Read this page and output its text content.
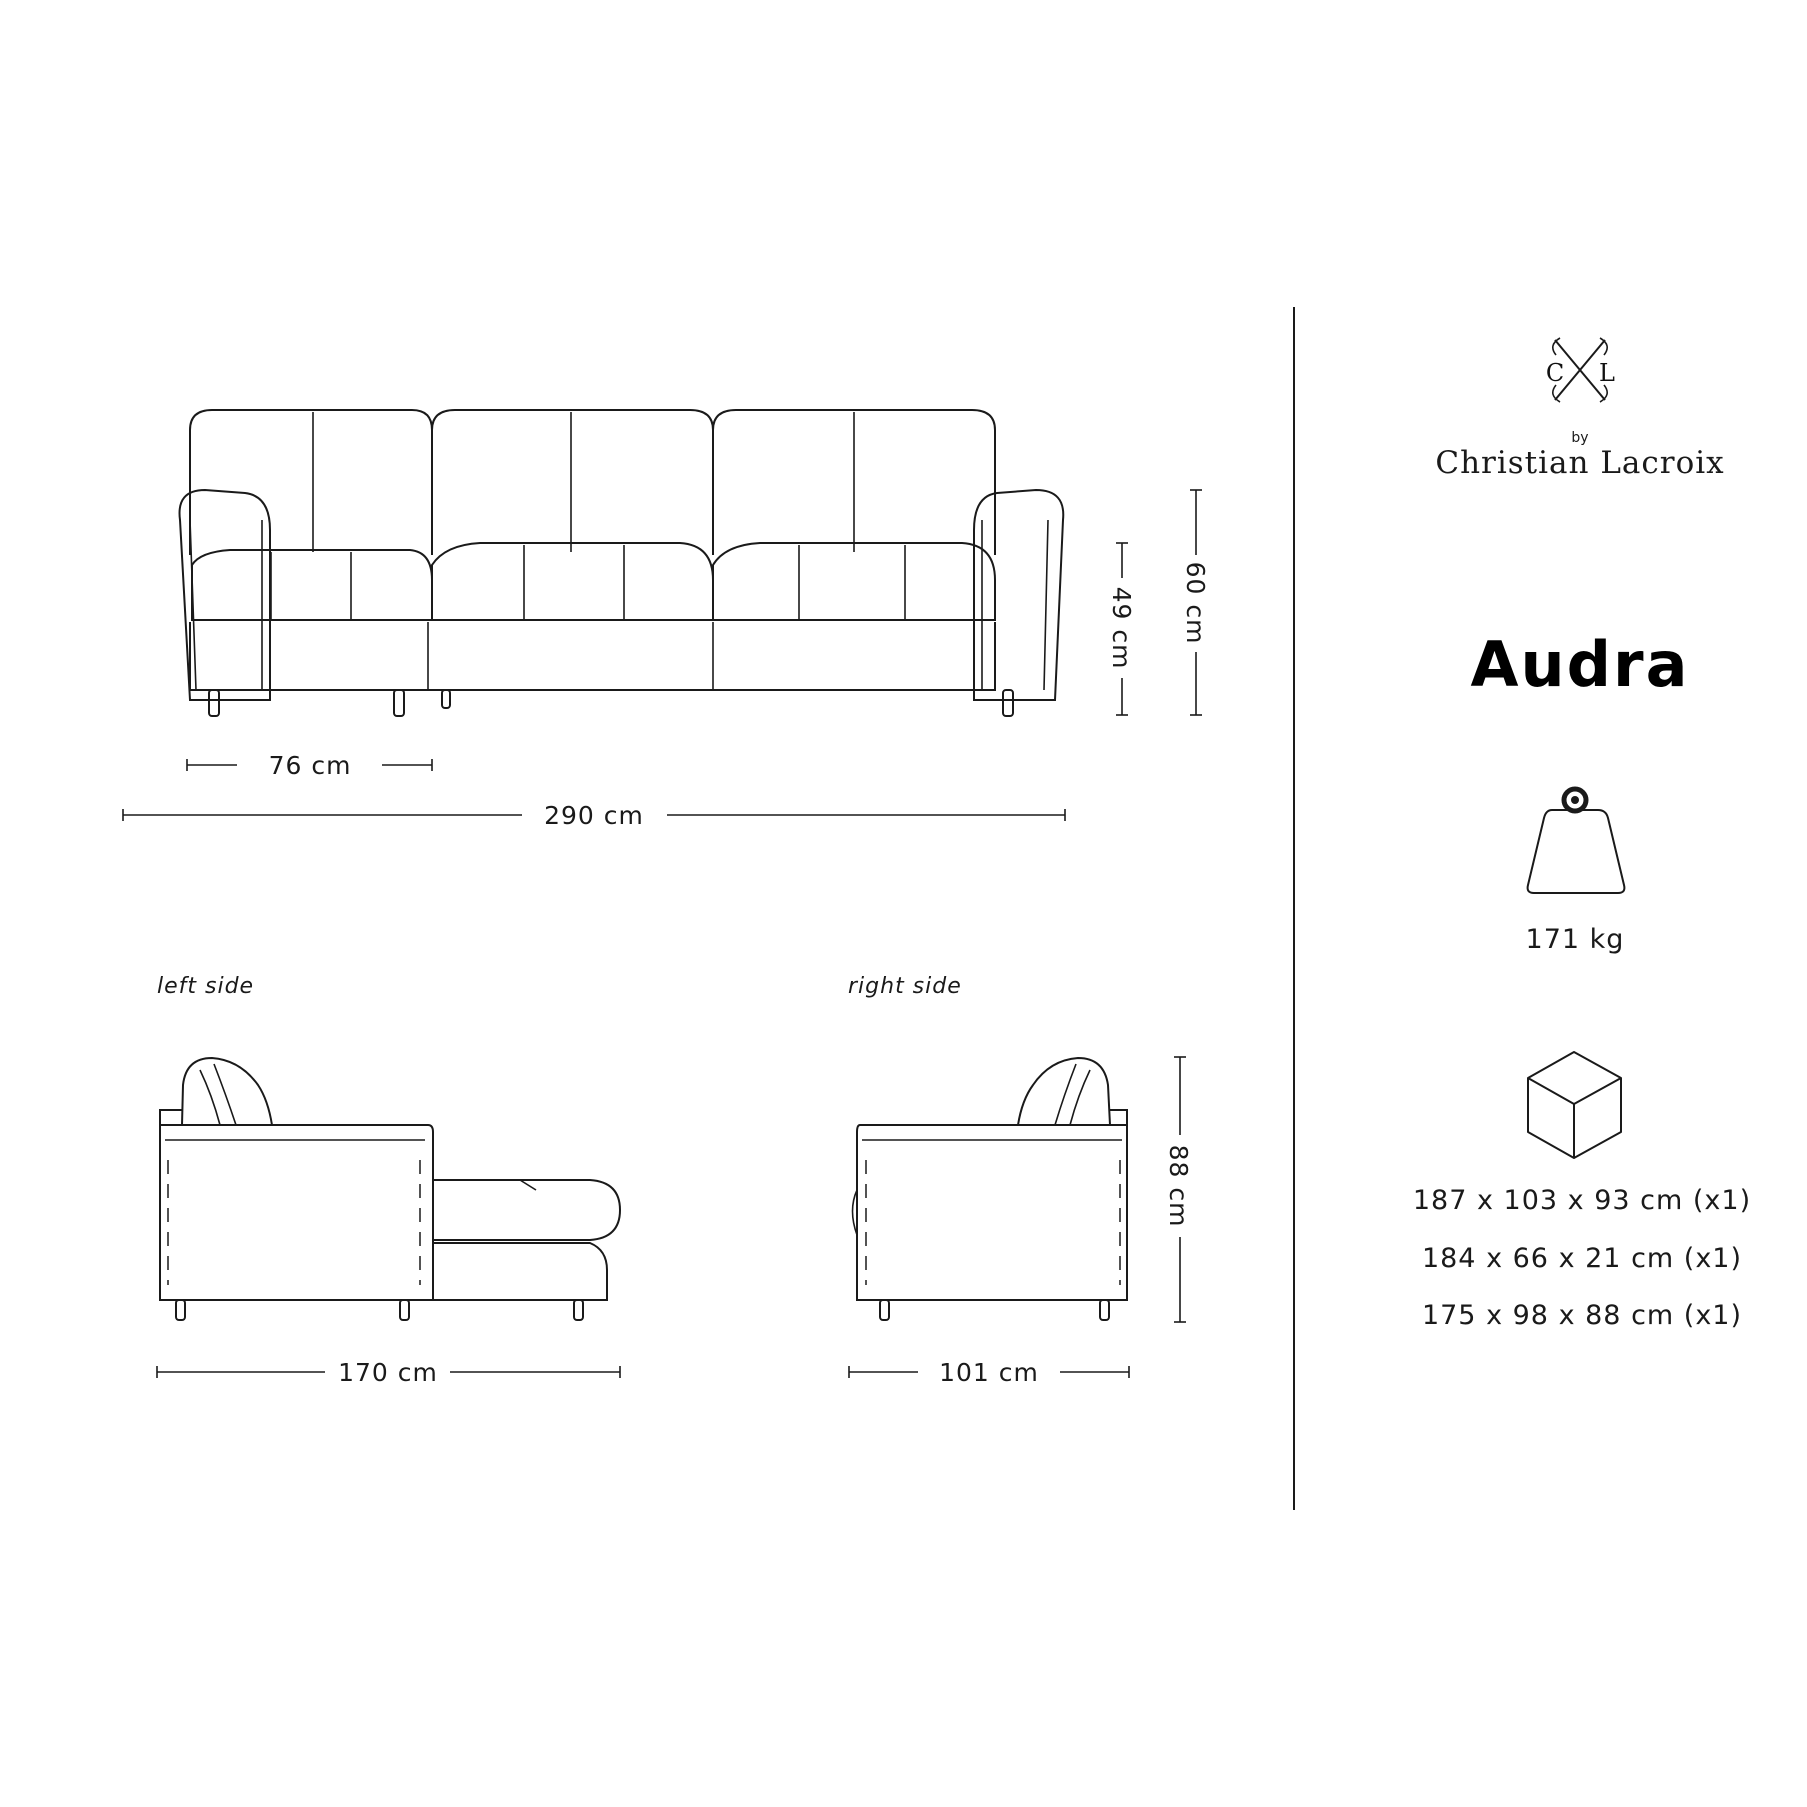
76 cm
290 cm
49 cm 60 cm
left side
170 cm
right side
101 cm
88 cm
C L
by
Christian Lacroix
Audra
171 kg
187 x 103 x 93 cm (x1)
184 x 66 x 21 cm (x1)
175 x 98 x 88 cm (x1)
